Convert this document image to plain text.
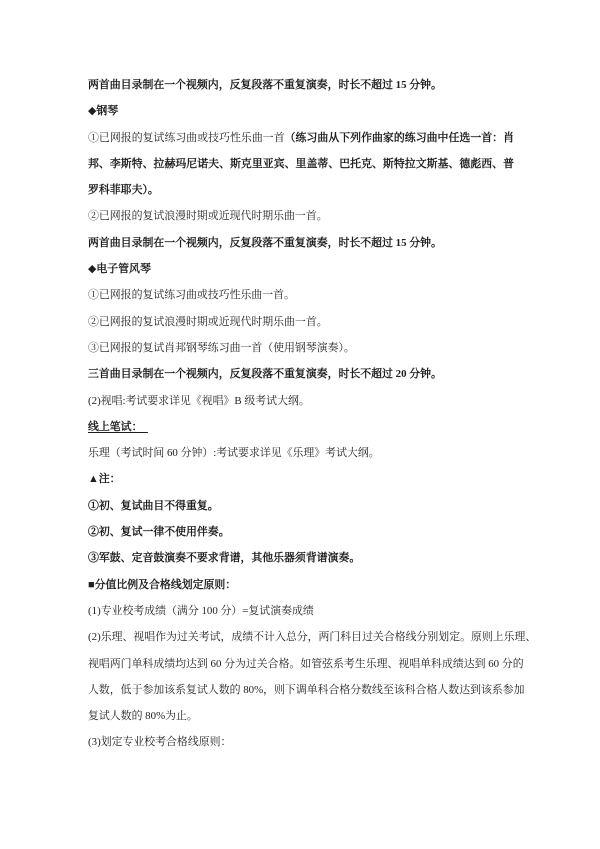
两首曲目录制在一个视频内，反复段落不重复演奏，时长不超过 15 分钟。
◆钢琴
①已网报的复试练习曲或技巧性乐曲一首（练习曲从下列作曲家的练习曲中任选一首：肖
邦、李斯特、拉赫玛尼诺夫、斯克里亚宾、里盖蒂、巴托克、斯特拉文斯基、德彪西、普
罗科菲耶夫）。
②已网报的复试浪漫时期或近现代时期乐曲一首。
两首曲目录制在一个视频内，反复段落不重复演奏，时长不超过 15 分钟。
◆电子管风琴
①已网报的复试练习曲或技巧性乐曲一首。
②已网报的复试浪漫时期或近现代时期乐曲一首。
③已网报的复试肖邦钢琴练习曲一首（使用钢琴演奏）。
三首曲目录制在一个视频内，反复段落不重复演奏，时长不超过 20 分钟。
(2)视唱:考试要求详见《视唱》B 级考试大纲。
线上笔试：
乐理（考试时间 60 分钟）:考试要求详见《乐理》考试大纲。
▲注：
①初、复试曲目不得重复。
②初、复试一律不使用伴奏。
③军鼓、定音鼓演奏不要求背谱，其他乐器须背谱演奏。
■分值比例及合格线划定原则：
(1)专业校考成绩（满分 100 分）=复试演奏成绩
(2)乐理、视唱作为过关考试，成绩不计入总分，两门科目过关合格线分别划定。原则上乐理、
视唱两门单科成绩均达到 60 分为过关合格。如管弦系考生乐理、视唱单科成绩达到 60 分的
人数，低于参加该系复试人数的 80%，则下调单科合格分数线至该科合格人数达到该系参加
复试人数的 80%为止。
(3)划定专业校考合格线原则：
